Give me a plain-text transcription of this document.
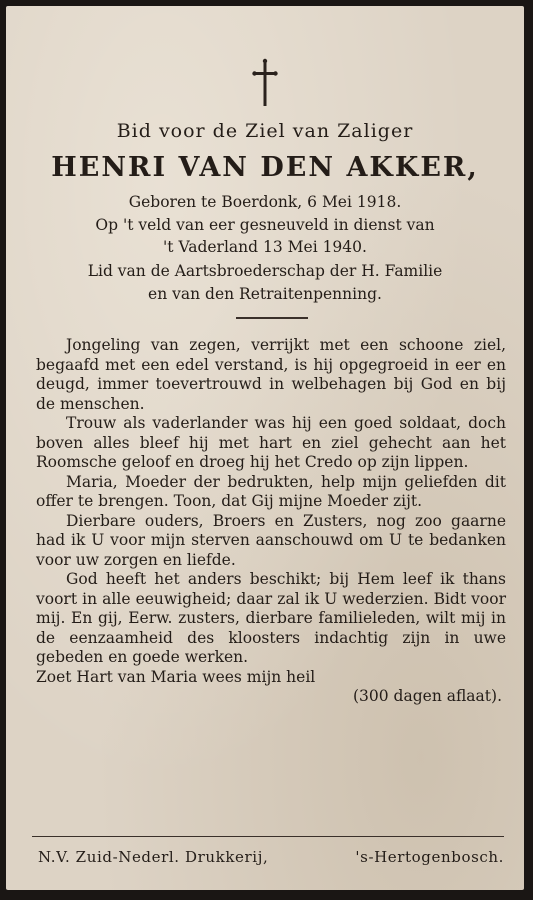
Bid voor de Ziel van Zaliger
HENRI VAN DEN AKKER,
Geboren te Boerdonk, 6 Mei 1918.
Op 't veld van eer gesneuveld in dienst van
't Vaderland 13 Mei 1940.
Lid van de Aartsbroederschap der H. Familie
en van den Retraitenpenning.

Jongeling van zegen, verrijkt met een schoone ziel, begaafd met een edel verstand, is hij opgegroeid in eer en deugd, immer toevertrouwd in welbehagen bij God en bij de menschen.

Trouw als vaderlander was hij een goed soldaat, doch boven alles bleef hij met hart en ziel gehecht aan het Roomsche geloof en droeg hij het Credo op zijn lippen.

Maria, Moeder der bedrukten, help mijn geliefden dit offer te brengen. Toon, dat Gij mijne Moeder zijt.

Dierbare ouders, Broers en Zusters, nog zoo gaarne had ik U voor mijn sterven aanschouwd om U te bedanken voor uw zorgen en liefde.

God heeft het anders beschikt; bij Hem leef ik thans voort in alle eeuwigheid; daar zal ik U wederzien. Bidt voor mij. En gij, Eerw. zusters, dierbare familieleden, wilt mij in de eenzaamheid des kloosters indachtig zijn in uwe gebeden en goede werken.

Zoet Hart van Maria wees mijn heil

(300 dagen aflaat).

N.V. Zuid-Nederl. Drukkerij,	's-Hertogenbosch.
